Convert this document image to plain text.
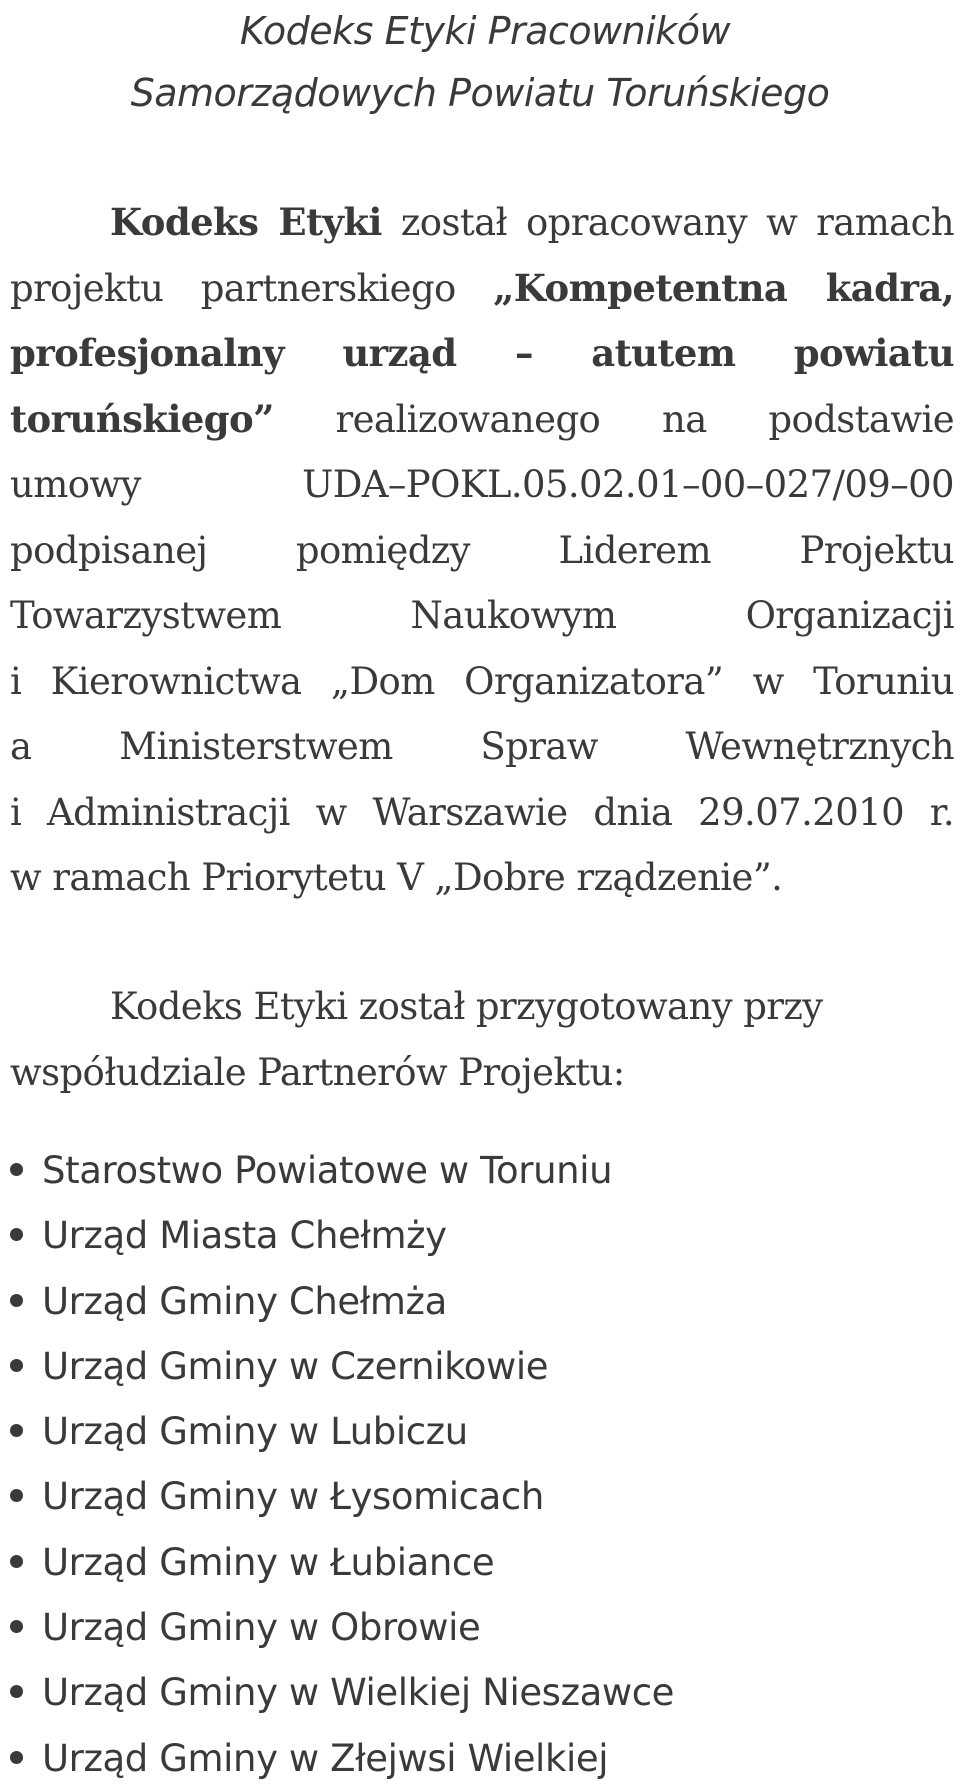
Kodeks Etyki Pracowników
Samorządowych Powiatu Toruńskiego
Kodeks Etyki został opracowany w ramach
projektu partnerskiego „Kompetentna kadra,
profesjonalny urząd – atutem powiatu
toruńskiego” realizowanego na podstawie
umowy UDA–POKL.05.02.01–00–027/09–00
podpisanej pomiędzy Liderem Projektu
Towarzystwem Naukowym Organizacji
i Kierownictwa „Dom Organizatora” w Toruniu
a Ministerstwem Spraw Wewnętrznych
i Administracji w Warszawie dnia 29.07.2010 r.
w ramach Priorytetu V „Dobre rządzenie”.
Kodeks Etyki został przygotowany przy
współudziale Partnerów Projektu:
Starostwo Powiatowe w Toruniu
Urząd Miasta Chełmży
Urząd Gminy Chełmża
Urząd Gminy w Czernikowie
Urząd Gminy w Lubiczu
Urząd Gminy w Łysomicach
Urząd Gminy w Łubiance
Urząd Gminy w Obrowie
Urząd Gminy w Wielkiej Nieszawce
Urząd Gminy w Złejwsi Wielkiej
